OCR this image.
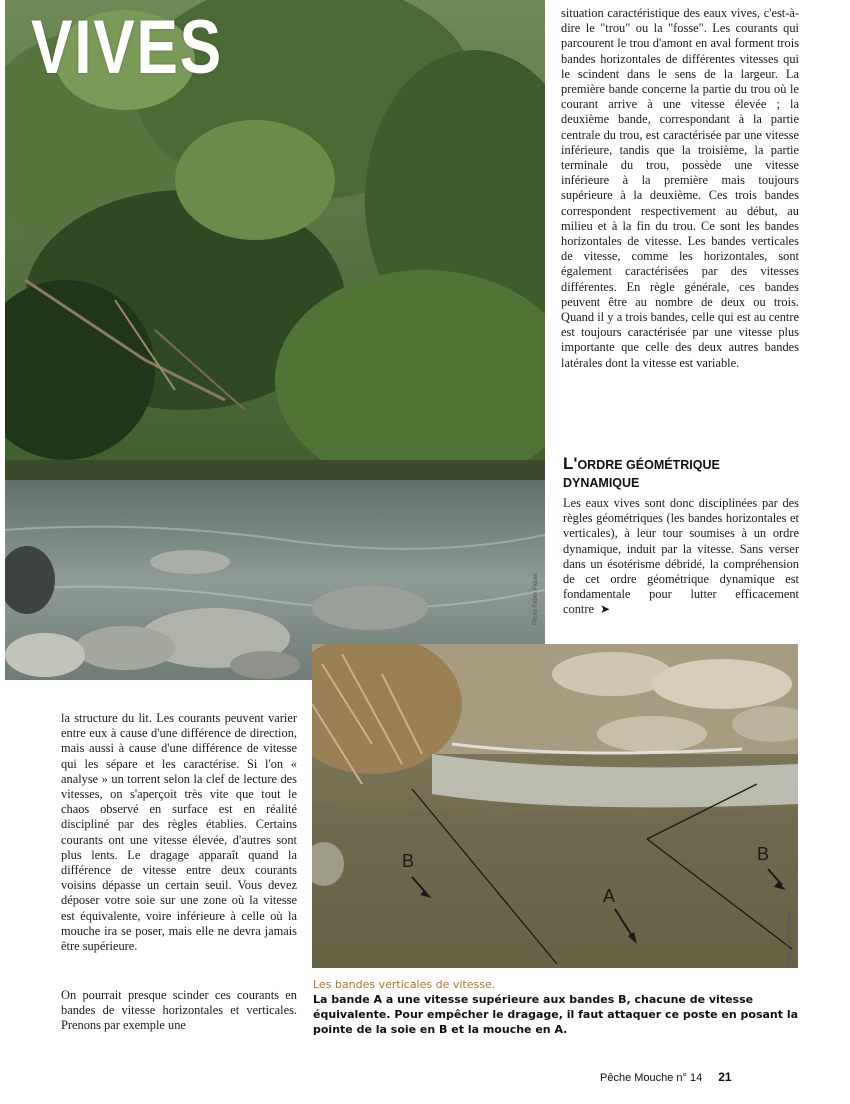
VIVES
Photo Fabre Piquet

situation caractéristique des eaux vives, c'est-à-dire le "trou" ou la "fosse". Les courants qui parcourent le trou d'amont en aval forment trois bandes horizontales de différentes vitesses qui le scindent dans le sens de la largeur. La première bande concerne la partie du trou où le courant arrive à une vitesse élevée ; la deuxième bande, correspondant à la partie centrale du trou, est caractérisée par une vitesse inférieure, tandis que la troisième, la partie terminale du trou, possède une vitesse inférieure à la première mais toujours supérieure à la deuxième. Ces trois bandes correspondent respectivement au début, au milieu et à la fin du trou. Ce sont les bandes horizontales de vitesse. Les bandes verticales de vitesse, comme les horizontales, sont également caractérisées par des vitesses différentes. En règle générale, ces bandes peuvent être au nombre de deux ou trois. Quand il y a trois bandes, celle qui est au centre est toujours caractérisée par une vitesse plus importante que celle des deux autres bandes latérales dont la vitesse est variable.

L'ORDRE GÉOMÉTRIQUE
DYNAMIQUE

Les eaux vives sont donc disciplinées par des règles géométriques (les bandes horizontales et verticales), à leur tour soumises à un ordre dynamique, induit par la vitesse. Sans verser dans un ésotérisme débridé, la compréhension de cet ordre géométrique dynamique est fondamentale pour lutter efficacement contre ➤

la structure du lit. Les courants peuvent varier entre eux à cause d'une différence de direction, mais aussi à cause d'une différence de vitesse qui les sépare et les caractérise. Si l'on « analyse » un torrent selon la clef de lecture des vitesses, on s'aperçoit très vite que tout le chaos observé en surface est en réalité discipliné par des règles établies. Certains courants ont une vitesse élevée, d'autres sont plus lents. Le dragage apparaît quand la différence de vitesse entre deux courants voisins dépasse un certain seuil. Vous devez déposer votre soie sur une zone où la vitesse est équivalente, voire inférieure à celle où la mouche ira se poser, mais elle ne devra jamais être supérieure.

On pourrait presque scinder ces courants en bandes de vitesse horizontales et verticales. Prenons par exemple une

B
A
B
Photo Fabre Piquet
Les bandes verticales de vitesse.
La bande A a une vitesse supérieure aux bandes B, chacune de vitesse équivalente. Pour empêcher le dragage, il faut attaquer ce poste en posant la pointe de la soie en B et la mouche en A.
Pêche Mouche n° 14 21
